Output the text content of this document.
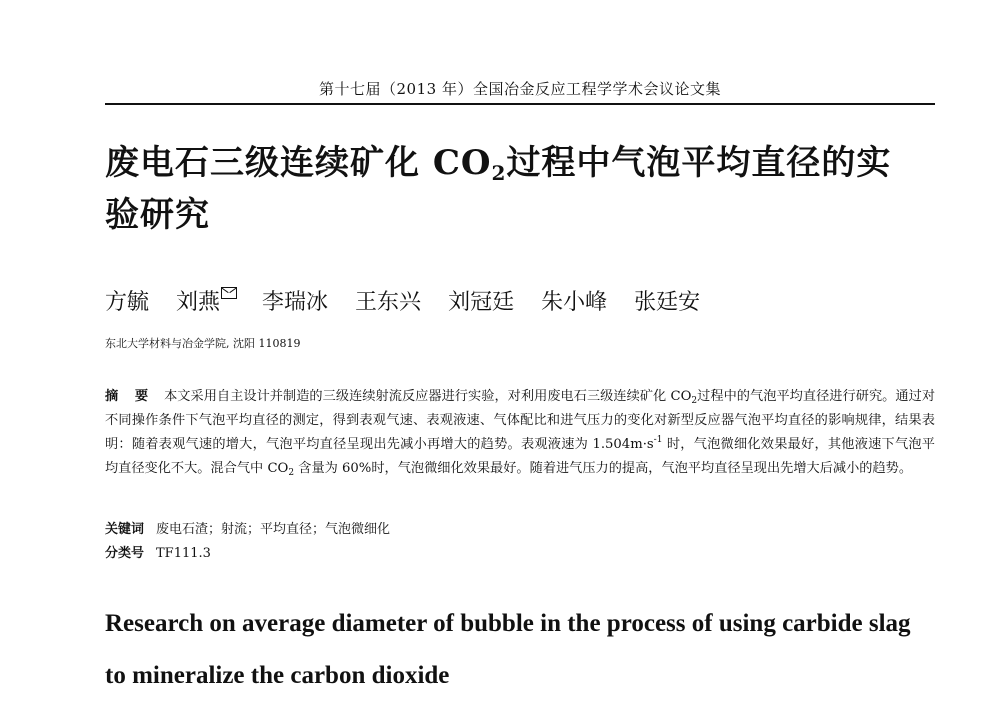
第十七届（2013 年）全国冶金反应工程学学术会议论文集
废电石三级连续矿化 $CO_2$过程中气泡平均直径的实验研究
方毓 刘燕 李瑞冰 王东兴 刘冠廷 朱小峰 张廷安
东北大学材料与冶金学院, 沈阳 110819

摘 要 本文采用自主设计并制造的三级连续射流反应器进行实验，对利用废电石三级连续矿化 $CO_2$过程中的气泡平均直径进行研究。通过对不同操作条件下气泡平均直径的测定，得到表观气速、表观液速、气体配比和进气压力的变化对新型反应器气泡平均直径的影响规律，结果表明：随着表观气速的增大，气泡平均直径呈现出先减小再增大的趋势。表观液速为 $1.504m\cdot s^{-1}$ 时，气泡微细化效果最好，其他液速下气泡平均直径变化不大。混合气中 $CO_2$ 含量为 60%时，气泡微细化效果最好。随着进气压力的提高，气泡平均直径呈现出先增大后减小的趋势。

关键词 废电石渣；射流；平均直径；气泡微细化
分类号 TF111.3
Research on average diameter of bubble in the process of using carbide slag to mineralize the carbon dioxide
